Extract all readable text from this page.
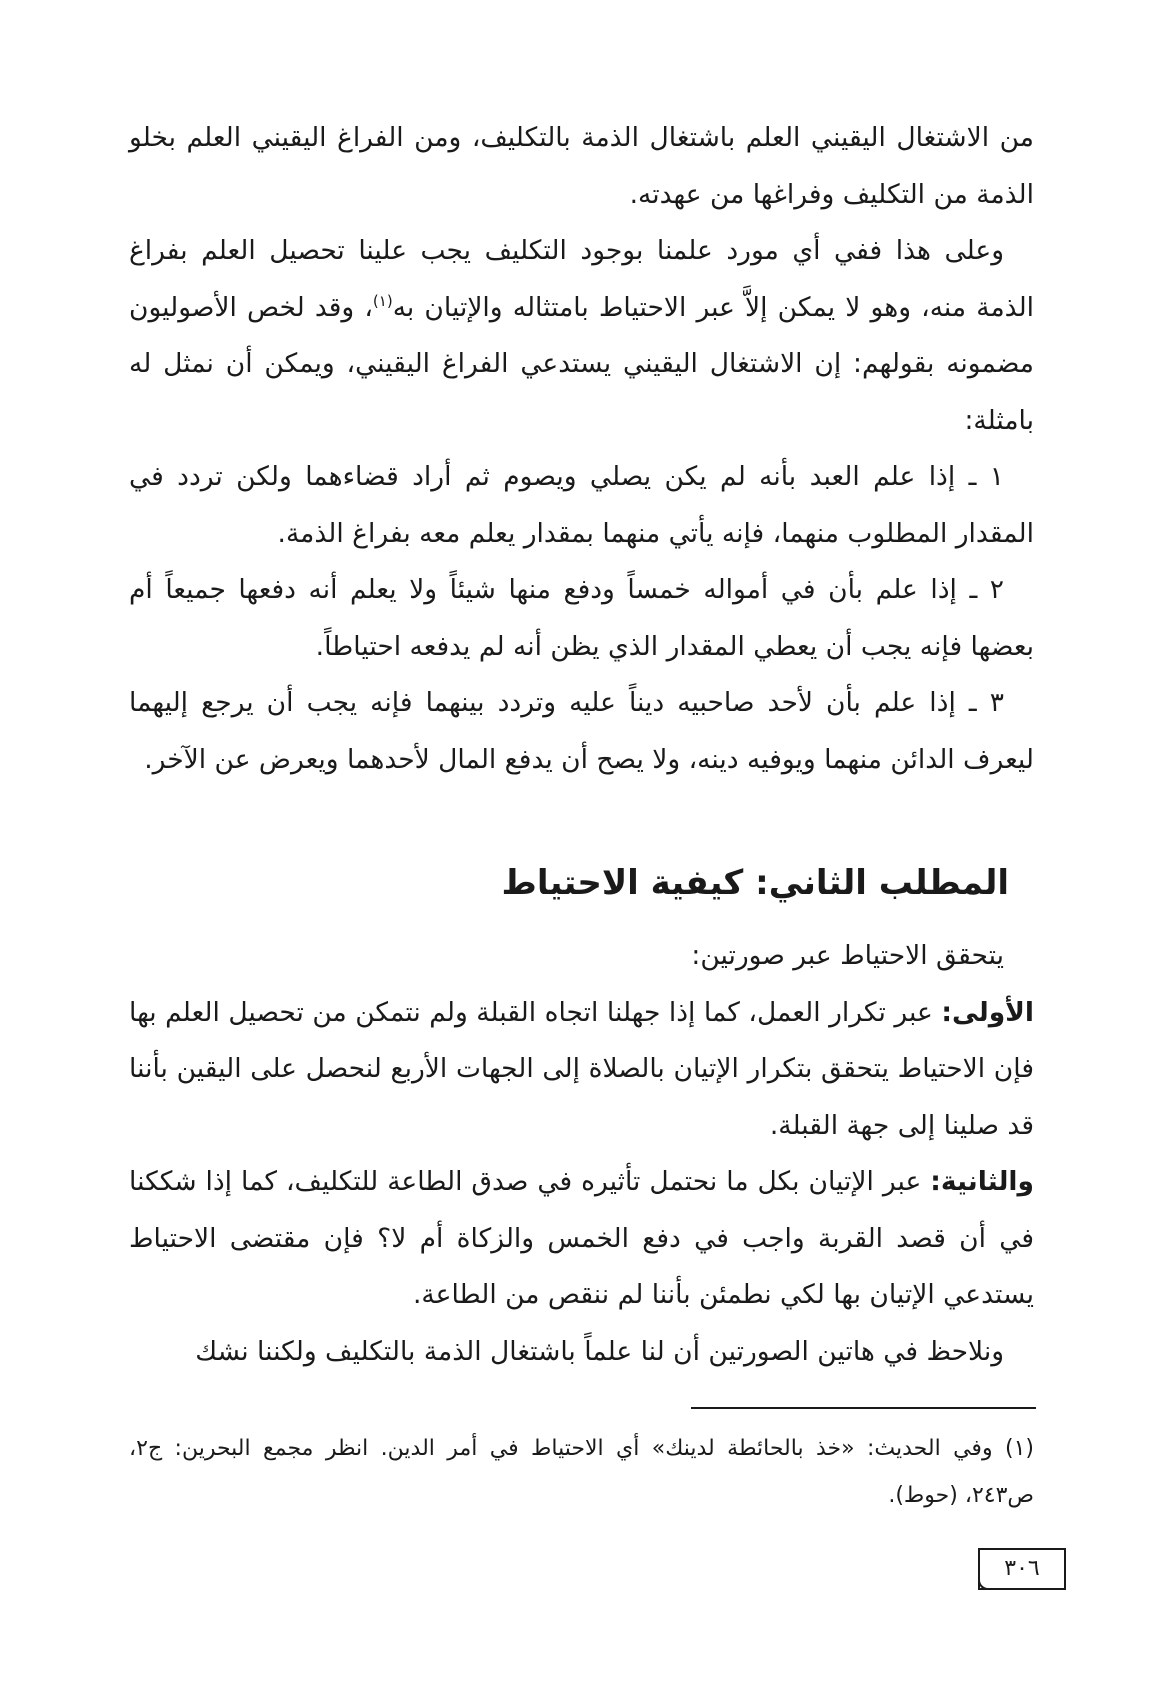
من الاشتغال اليقيني العلم باشتغال الذمة بالتكليف، ومن الفراغ اليقيني العلم بخلو الذمة من التكليف وفراغها من عهدته.

وعلى هذا ففي أي مورد علمنا بوجود التكليف يجب علينا تحصيل العلم بفراغ الذمة منه، وهو لا يمكن إلاَّ عبر الاحتياط بامتثاله والإتيان به$^{(١)}$، وقد لخص الأصوليون مضمونه بقولهم: إن الاشتغال اليقيني يستدعي الفراغ اليقيني، ويمكن أن نمثل له بامثلة:

١ ـ إذا علم العبد بأنه لم يكن يصلي ويصوم ثم أراد قضاءهما ولكن تردد في المقدار المطلوب منهما، فإنه يأتي منهما بمقدار يعلم معه بفراغ الذمة.

٢ ـ إذا علم بأن في أمواله خمساً ودفع منها شيئاً ولا يعلم أنه دفعها جميعاً أم بعضها فإنه يجب أن يعطي المقدار الذي يظن أنه لم يدفعه احتياطاً.

٣ ـ إذا علم بأن لأحد صاحبيه ديناً عليه وتردد بينهما فإنه يجب أن يرجع إليهما ليعرف الدائن منهما ويوفيه دينه، ولا يصح أن يدفع المال لأحدهما ويعرض عن الآخر.

المطلب الثاني: كيفية الاحتياط

يتحقق الاحتياط عبر صورتين:

الأولى: عبر تكرار العمل، كما إذا جهلنا اتجاه القبلة ولم نتمكن من تحصيل العلم بها فإن الاحتياط يتحقق بتكرار الإتيان بالصلاة إلى الجهات الأربع لنحصل على اليقين بأننا قد صلينا إلى جهة القبلة.

والثانية: عبر الإتيان بكل ما نحتمل تأثيره في صدق الطاعة للتكليف، كما إذا شككنا في أن قصد القربة واجب في دفع الخمس والزكاة أم لا؟ فإن مقتضى الاحتياط يستدعي الإتيان بها لكي نطمئن بأننا لم ننقص من الطاعة.

ونلاحظ في هاتين الصورتين أن لنا علماً باشتغال الذمة بالتكليف ولكننا نشك

(١) وفي الحديث: «خذ بالحائطة لدينك» أي الاحتياط في أمر الدين. انظر مجمع البحرين: ج٢، ص٢٤٣، (حوط).

٣٠٦
